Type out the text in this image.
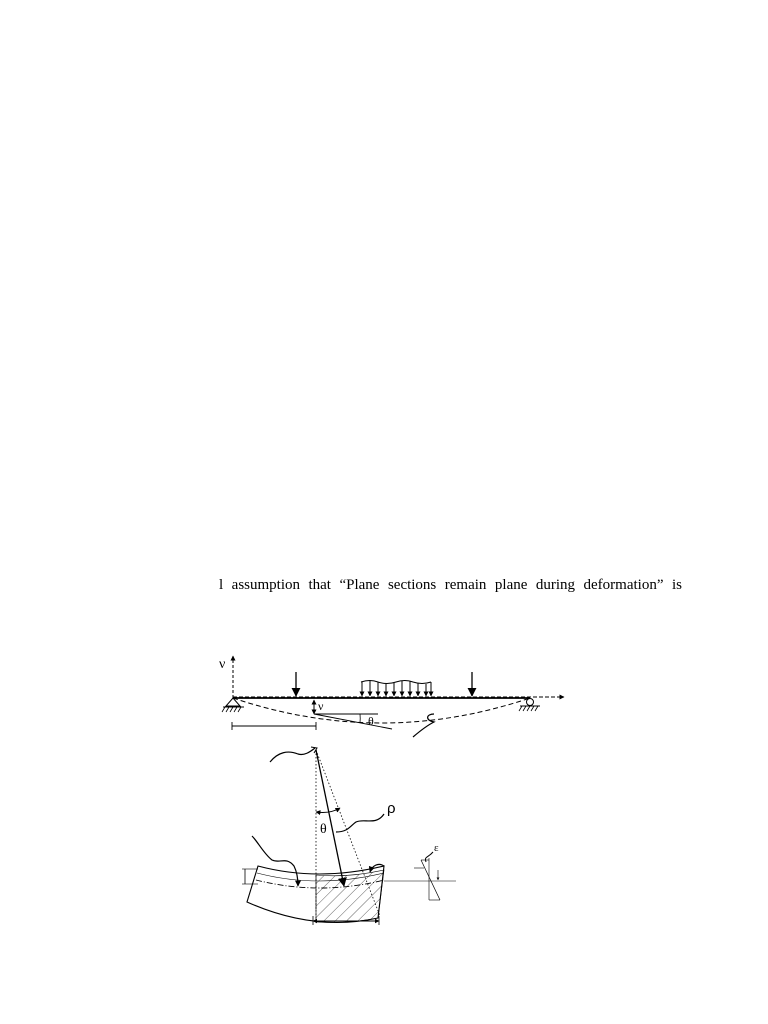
l assumption that “Plane sections remain plane during deformation” is
ν
ν
θ
θ
ρ
ε
